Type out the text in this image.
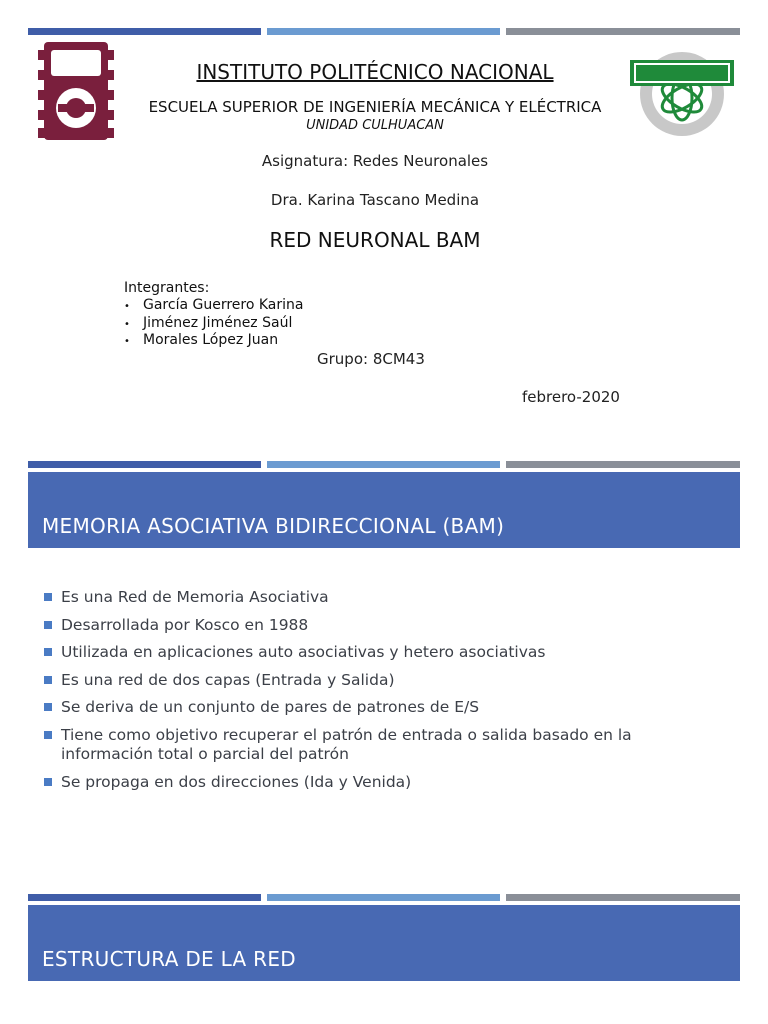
INSTITUTO POLITÉCNICO NACIONAL
ESCUELA SUPERIOR DE INGENIERÍA MECÁNICA Y ELÉCTRICA
UNIDAD CULHUACAN
Asignatura: Redes Neuronales
Dra. Karina Tascano Medina
RED NEURONAL BAM
Integrantes:
• García Guerrero Karina
• Jiménez Jiménez Saúl
• Morales López Juan
Grupo: 8CM43
febrero-2020
MEMORIA ASOCIATIVA BIDIRECCIONAL (BAM)
Es una Red de Memoria Asociativa
Desarrollada por Kosco en 1988
Utilizada en aplicaciones auto asociativas y hetero asociativas
Es una red de dos capas (Entrada y Salida)
Se deriva de un conjunto de pares de patrones de E/S
Tiene como objetivo recuperar el patrón de entrada o salida basado en la información total o parcial del patrón
Se propaga en dos direcciones (Ida y Venida)
ESTRUCTURA DE LA RED
